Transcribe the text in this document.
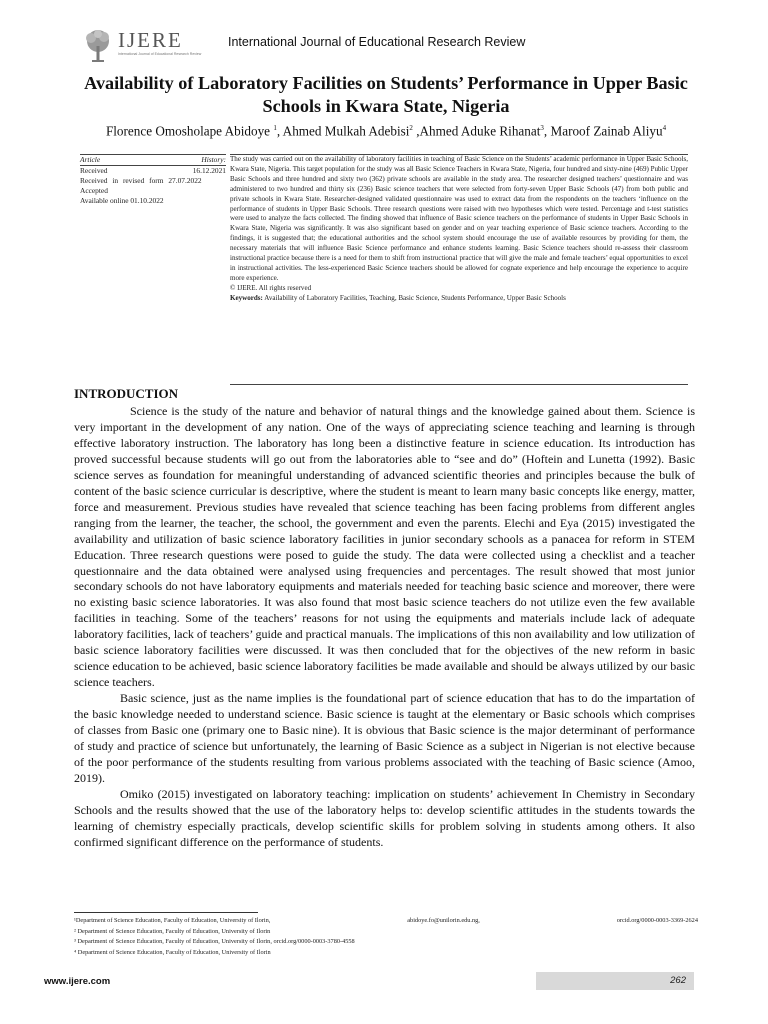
IJERE
International Journal of Educational Research Review
International Journal of Educational Research Review
Availability of Laboratory Facilities on Students’ Performance in Upper Basic Schools in Kwara State, Nigeria
Florence Omosholape Abidoye $^1$, Ahmed Mulkah Adebisi$^2$ ,Ahmed Aduke Rihanat$^3$, Maroof Zainab Aliyu$^4$
Article	History:
Received	16.12.2021
Received in revised form 27.07.2022
Accepted
Available online 01.10.2022

The study was carried out on the availability of laboratory facilities in teaching of Basic Science on the Students’ academic performance in Upper Basic Schools, Kwara State, Nigeria. This target population for the study was all Basic Science Teachers in Kwara State, Nigeria, four hundred and sixty-nine (469) Public Upper Basic Schools and three hundred and sixty two (362) private schools are available in the study area. The researcher designed teachers’ questionnaire and was administered to two hundred and thirty six (236) Basic science teachers that were selected from forty-seven Upper Basic Schools (47) from both public and private schools in Kwara State. Researcher-designed validated questionnaire was used to extract data from the respondents on the teachers ‘influence on the performance of students in Upper Basic Schools. Three research questions were raised with two hypotheses which were tested. Percentage and t-test statistics were used to analyze the facts collected. The finding showed that influence of Basic science teachers on the performance of students in Upper Basic Schools in Kwara State, Nigeria was significantly. It was also significant based on gender and on year teaching experience of Basic science teachers. According to the findings, it is suggested that; the educational authorities and the school system should encourage the use of available resources by providing for them, the necessary materials that will influence Basic Science performance and enhance students learning. Basic Science teachers should re-assess their classroom instructional practice because there is a need for them to shift from instructional practice that will give the male and female teachers’ equal opportunities to excel in instructional activities. The less-experienced Basic Science teachers should be allowed for cognate experience and help encourage the experience to acquire more experience.

© IJERE. All rights reserved

Keywords: Availability of Laboratory Facilities, Teaching, Basic Science, Students Performance, Upper Basic Schools

INTRODUCTION

Science is the study of the nature and behavior of natural things and the knowledge gained about them. Science is very important in the development of any nation. One of the ways of appreciating science teaching and learning is through effective laboratory instruction. The laboratory has long been a distinctive feature in science education. Its introduction has proved successful because students will go out from the laboratories able to “see and do” (Hoftein and Lunetta (1992). Basic science serves as foundation for meaningful understanding of advanced scientific theories and principles because the bulk of content of the basic science curricular is descriptive, where the student is meant to learn many basic concepts like energy, matter, force and measurement. Previous studies have revealed that science teaching has been facing problems from different angles ranging from the learner, the teacher, the school, the government and even the parents. Elechi and Eya (2015) investigated the availability and utilization of basic science laboratory facilities in junior secondary schools as a panacea for reform in STEM Education. Three research questions were posed to guide the study. The data were collected using a checklist and a teacher questionnaire and the data obtained were analysed using frequencies and percentages. The result showed that most junior secondary schools do not have laboratory equipments and materials needed for teaching basic science and moreover, there were no existing basic science laboratories. It was also found that most basic science teachers do not utilize even the few available facilities in teaching. Some of the teachers’ reasons for not using the equipments and materials include lack of adequate laboratory facilities, lack of teachers’ guide and practical manuals. The implications of this non availability and low utilization of basic science laboratory facilities were discussed. It was then concluded that for the objectives of the new reform in basic science education to be achieved, basic science laboratory facilities be made available and should be always utilized by our basic science teachers.

Basic science, just as the name implies is the foundational part of science education that has to do the impartation of the basic knowledge needed to understand science. Basic science is taught at the elementary or Basic schools which comprises of classes from Basic one (primary one to Basic nine). It is obvious that Basic science is the major determinant of performance of study and practice of science but unfortunately, the learning of Basic Science as a subject in Nigerian is not elective because of the poor performance of the students resulting from various problems associated with the teaching of Basic science (Amoo, 2019).

Omiko (2015) investigated on laboratory teaching: implication on students’ achievement In Chemistry in Secondary Schools and the results showed that the use of the laboratory helps to: develop scientific attitudes in the students towards the learning of chemistry especially practicals, develop scientific skills for problem solving in students among others. It also confirmed significant difference on the performance of students.

¹Department of Science Education, Faculty of Education, University of Ilorin,	abidoye.fo@unilorin.edu.ng,	orcid.org/0000-0003-3369-2624
² Department of Science Education, Faculty of Education, University of Ilorin
³ Department of Science Education, Faculty of Education, University of Ilorin, orcid.org/0000-0003-3780-4558
⁴ Department of Science Education, Faculty of Education, University of Ilorin
www.ijere.com	262
